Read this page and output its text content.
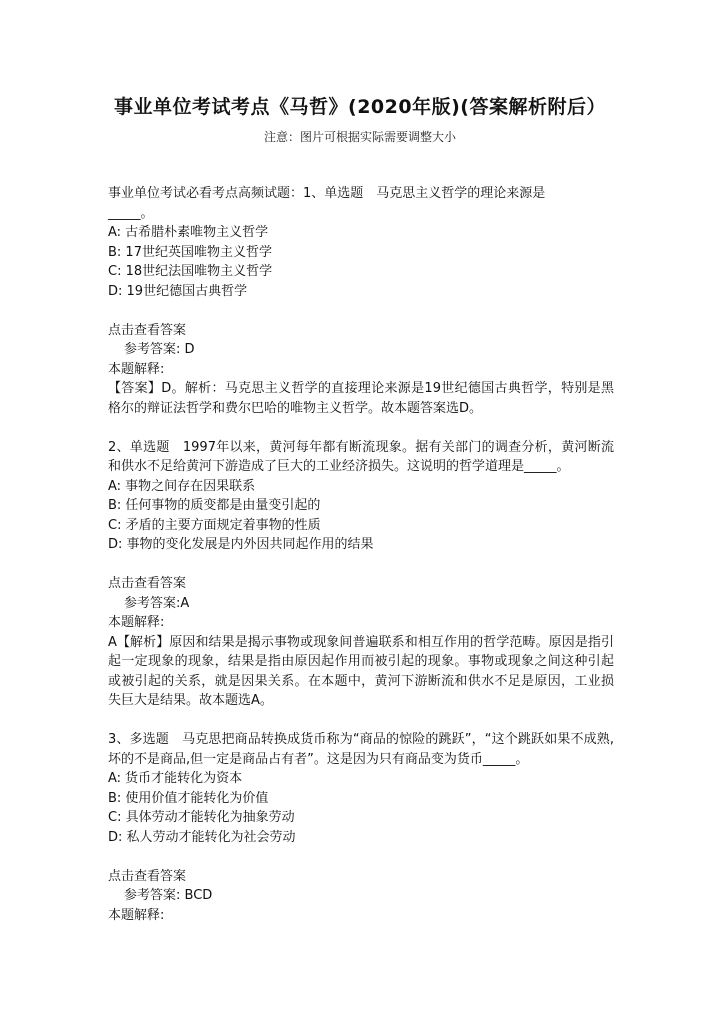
事业单位考试考点《马哲》(2020年版)(答案解析附后）
注意：图片可根据实际需要调整大小
事业单位考试必看考点高频试题：1、单选题　马克思主义哲学的理论来源是
_____。
A: 古希腊朴素唯物主义哲学
B: 17世纪英国唯物主义哲学
C: 18世纪法国唯物主义哲学
D: 19世纪德国古典哲学
点击查看答案
参考答案: D
本题解释:
【答案】D。解析：马克思主义哲学的直接理论来源是19世纪德国古典哲学，特别是黑格尔的辩证法哲学和费尔巴哈的唯物主义哲学。故本题答案选D。
2、单选题　1997年以来，黄河每年都有断流现象。据有关部门的调查分析，黄河断流和供水不足给黄河下游造成了巨大的工业经济损失。这说明的哲学道理是_____。
A: 事物之间存在因果联系
B: 任何事物的质变都是由量变引起的
C: 矛盾的主要方面规定着事物的性质
D: 事物的变化发展是内外因共同起作用的结果
点击查看答案
参考答案:A
本题解释:
A【解析】原因和结果是揭示事物或现象间普遍联系和相互作用的哲学范畴。原因是指引起一定现象的现象，结果是指由原因起作用而被引起的现象。事物或现象之间这种引起或被引起的关系，就是因果关系。在本题中，黄河下游断流和供水不足是原因，工业损失巨大是结果。故本题选A。
3、多选题　马克思把商品转换成货币称为“商品的惊险的跳跃”，“这个跳跃如果不成熟,坏的不是商品,但一定是商品占有者”。这是因为只有商品变为货币_____。
A: 货币才能转化为资本
B: 使用价值才能转化为价值
C: 具体劳动才能转化为抽象劳动
D: 私人劳动才能转化为社会劳动
点击查看答案
参考答案: BCD
本题解释:
